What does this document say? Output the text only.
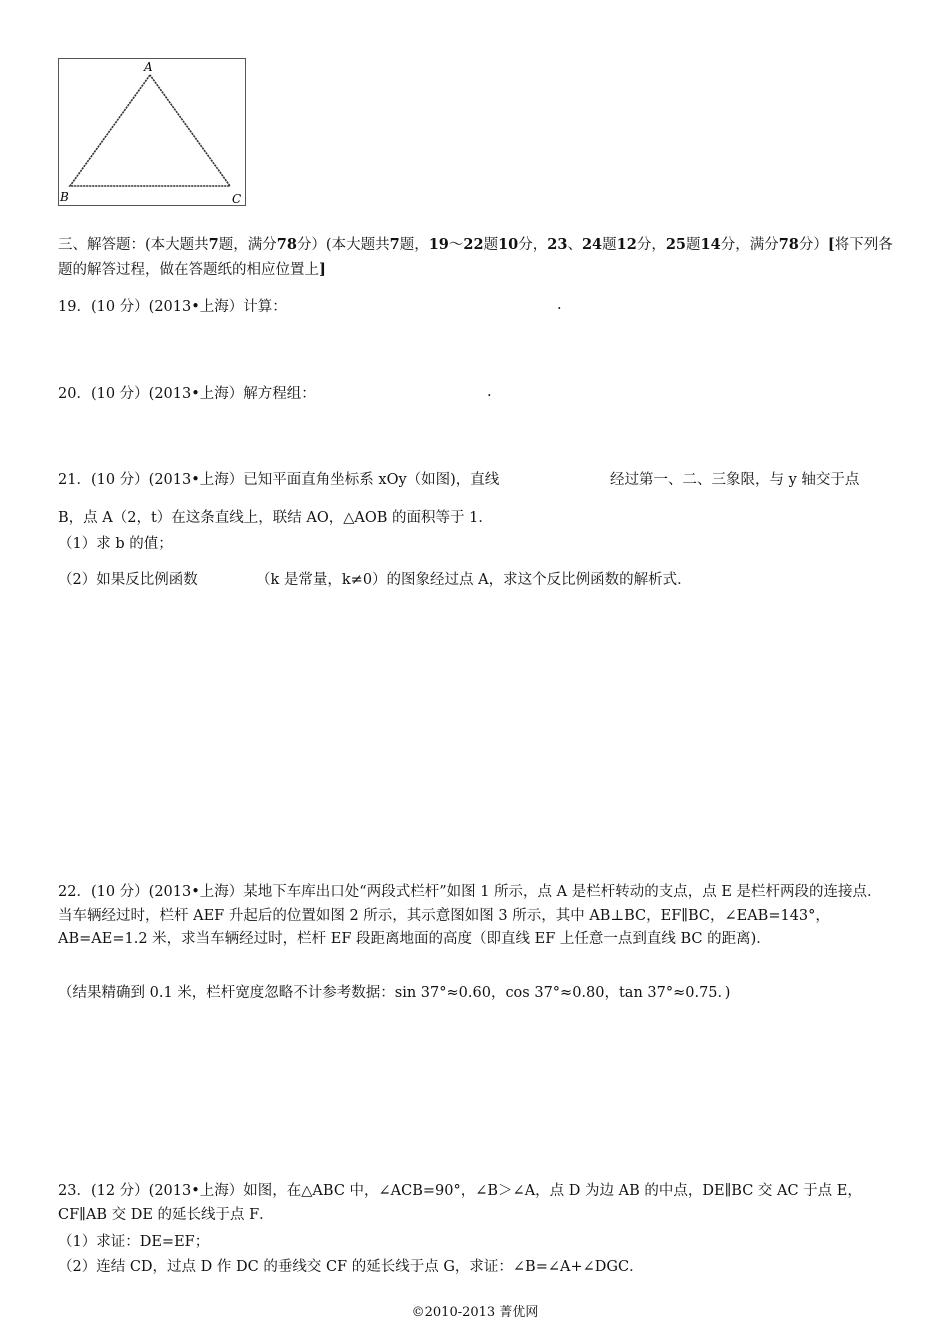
A
B	C
三、解答题：(本大题共7题，满分78分）(本大题共7题，19～22题10分，23、24题12分，25题14分，满分78分）[将下列各题的解答过程，做在答题纸的相应位置上]
19．(10 分）(2013•上海）计算：	.
20．(10 分）(2013•上海）解方程组：	.
21．(10 分）(2013•上海）已知平面直角坐标系 xOy（如图)，直线	经过第一、二、三象限，与 y 轴交于点
B，点 A（2，t）在这条直线上，联结 AO，△AOB 的面积等于 1．
（1）求 b 的值；
（2）如果反比例函数	（k 是常量，k≠0）的图象经过点 A，求这个反比例函数的解析式．
22．(10 分）(2013•上海）某地下车库出口处“两段式栏杆”如图 1 所示，点 A 是栏杆转动的支点，点 E 是栏杆两段的连接点．当车辆经过时，栏杆 AEF 升起后的位置如图 2 所示，其示意图如图 3 所示，其中 AB⊥BC，EF∥BC，∠EAB=143°，AB=AE=1.2 米，求当车辆经过时，栏杆 EF 段距离地面的高度（即直线 EF 上任意一点到直线 BC 的距离)．
（结果精确到 0.1 米，栏杆宽度忽略不计参考数据：sin 37°≈0.60，cos 37°≈0.80，tan 37°≈0.75．)
23．(12 分）(2013•上海）如图，在△ABC 中，∠ACB=90°，∠B＞∠A，点 D 为边 AB 的中点，DE∥BC 交 AC 于点 E，CF∥AB 交 DE 的延长线于点 F．
（1）求证：DE=EF；
（2）连结 CD，过点 D 作 DC 的垂线交 CF 的延长线于点 G，求证：∠B=∠A+∠DGC．
©2010-2013 菁优网
